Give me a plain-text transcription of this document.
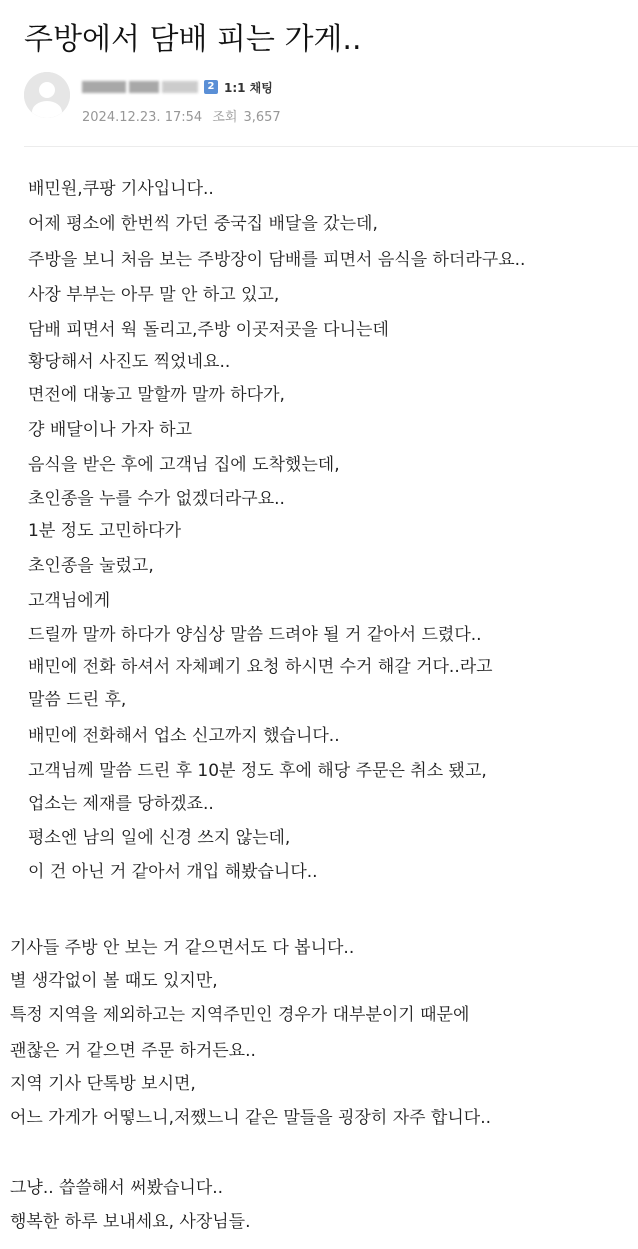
주방에서 담배 피는 가게..
2 1:1 채팅
2024.12.23. 17:54 조회 3,657
배민원,쿠팡 기사입니다..
어제 평소에 한번씩 가던 중국집 배달을 갔는데,
주방을 보니 처음 보는 주방장이 담배를 피면서 음식을 하더라구요..
사장 부부는 아무 말 안 하고 있고,
담배 피면서 웍 돌리고,주방 이곳저곳을 다니는데
황당해서 사진도 찍었네요..
면전에 대놓고 말할까 말까 하다가,
걍 배달이나 가자 하고
음식을 받은 후에 고객님 집에 도착했는데,
초인종을 누를 수가 없겠더라구요..
1분 정도 고민하다가
초인종을 눌렀고,
고객님에게
드릴까 말까 하다가 양심상 말씀 드려야 될 거 같아서 드렸다..
배민에 전화 하셔서 자체폐기 요청 하시면 수거 해갈 거다..라고
말씀 드린 후,
배민에 전화해서 업소 신고까지 했습니다..
고객님께 말씀 드린 후 10분 정도 후에 해당 주문은 취소 됐고,
업소는 제재를 당하겠죠..
평소엔 남의 일에 신경 쓰지 않는데,
이 건 아닌 거 같아서 개입 해봤습니다..
기사들 주방 안 보는 거 같으면서도 다 봅니다..
별 생각없이 볼 때도 있지만,
특정 지역을 제외하고는 지역주민인 경우가 대부분이기 때문에
괜찮은 거 같으면 주문 하거든요..
지역 기사 단톡방 보시면,
어느 가게가 어떻느니,저쨌느니 같은 말들을 굉장히 자주 합니다..
그냥.. 씁쓸해서 써봤습니다..
행복한 하루 보내세요, 사장님들.
